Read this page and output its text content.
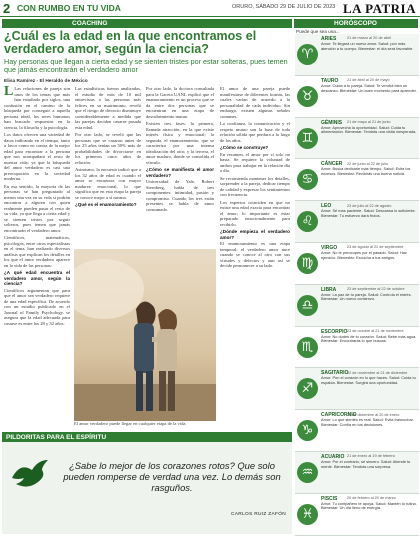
2 CON RUMBO EN TU VIDA	ORURO, SÁBADO 29 DE JULIO DE 2023 LA PATRIA
COACHING	HORÓSCOPO
¿Cuál es la edad en la que encontramos el verdadero amor, según la ciencia?

Hay personas que llegan a cierta edad y se sienten tristes por estar solteras, pues temen que jamás encontrarán el verdadero amor

Elisa Ramírez - El Heraldo de México

L Las relaciones de pareja son unos de los temas que más han estudiado por siglos, una confusión en el camino de la búsqueda por conseguir a aquella persona ideal, los seres humanos han buscado respuestas en la ciencia, la filosofía y la psicología.

Los datos ofrecen una variedad de datos indicando en el tiempo, tanto a favor como en contra de la mejor edad para encontrar a la persona que nos acompañará el resto de nuestra vida; ya que la búsqueda del amor verdadero es casi una preocupación en la sociedad moderna.

En esa sentido, la mayoría de las personas se han preguntado al menos una vez en su vida si podrán encontrar a alguien con quien realmente pueden pasar el resto de su vida, ya que llega a cierta edad y se sienten tristes por seguir solteros, pues temen que jamás encontrarán el verdadero amor.

Científicos, matemáticos, psicólogos, entre otros especialistas en el tema, han realizado diversos análisis que explican los detalles en los que el amor verdadero aparece en la vida de las personas.

¿A qué edad encuentra el verdadero amor, según la ciencia?

Científicos argumentan que para que el amor sea verdadero requiere de una edad específica. De acuerdo con un estudio publicado en el Journal of Family Psychology, se asegura que la edad adecuada para casarse es entre los 28 y 32 años.

Las estadísticas fueron analizadas, el estudio de más de 10 mil entrevistas a las personas más felices en su matrimonio, reveló que el riesgo de divorcio disminuye considerablemente a medida que las parejas deciden casarse pasada esta edad.

Por otro lado, se reveló que las personas que se casaron antes de los 25 años tenían un 50% más de probabilidades de divorciarse en los primeros cinco años de relación.

Asimismo, la encuesta indicó que a los 32 años de edad es cuando el amor se encuentra con mayor madurez emocional, lo que significa que en esta etapa la pareja se conoce mejor a sí misma.

¿Qué es el enamoramiento?

Por otro lado, la doctora consultada para la Gaceta UANL explicó que el enamoramiento es un proceso que se da entre dos personas que se encuentran en una etapa de descubrimiento mutuo.

Existen tres fases: la primera, llamada atracción, en la que existe interés físico y emocional; la segunda, el enamoramiento, que se caracteriza por una intensa idealización del otro; y la tercera, el amor maduro, donde se consolida el vínculo.

¿Cómo se manifiesta el amor verdadero?

Universidad de Yale, Robert Sternberg, habla de tres componentes: intimidad, pasión y compromiso. Cuando los tres están presentes se habla de amor consumado.

El amor de una pareja puede manifestarse de diferentes formas, las cuales varían de acuerdo a la personalidad de cada individuo. Sin embargo, existen algunas señales comunes.

La confianza, la comunicación y el respeto mutuo son la base de toda relación sólida que perdura a lo largo de los años.

¿Cómo se construye?

En resumen, el amor por sí solo no basta. Se requiere la voluntad de ambos para trabajar en la relación día a día.

Se recomienda mantener los detalles, sorprender a la pareja, dedicar tiempo de calidad y expresar los sentimientos con frecuencia.

Los expertos coinciden en que no existe una edad exacta para encontrar el amor; lo importante es estar preparado emocionalmente para recibirlo.

¿Dónde empieza el verdadero amor?

El enamoramiento es una etapa temporal; el verdadero amor nace cuando se conoce al otro con sus virtudes y defectos y aun así se decide permanecer a su lado.

El amor verdadero puede llegar en cualquier etapa de la vida.
PILDORITAS PARA EL ESPÍRITU

¿Sabe lo mejor de los corazones rotos? Que solo pueden romperse de verdad una vez. Lo demás son rasguños.

CARLOS RUIZ ZAFÓN
Puede que sea una...
♈
ARIES	21 de marzo al 20 de abril
Amor: Te llegará un nuevo amor. Salud: pon más atención a tu cuerpo. Bienestar: el día será favorable.
♉
TAURO 21 de abril al 20 de mayo
Amor: Cuida a tu pareja. Salud: Te vendrá bien un descanso. Bienestar: Un buen momento para aprender.
♊
GÉMINIS 21 de mayo al 21 de junio
Amor: Aprovecha la oportunidad. Salud: Cuida tu alimentación. Bienestar: Tendrás una visita inesperada.
♋
CÁNCER 22 de junio al 22 de julio
Amor: Busca dedicarle más tiempo. Salud: Evita los excesos. Bienestar: Recibirás una buena noticia.
♌
LEO	23 de julio al 22 de agosto
Amor: Sé más paciente. Salud: Descansa lo suficiente. Bienestar: Tu esfuerzo dará frutos.
♍
VIRGO	23 de agosto al 22 de septiembre
Amor: No te preocupes por el pasado. Salud: Haz ejercicio. Bienestar: Escucha a tus amigos.
♎
LIBRA	23 de septiembre al 22 de octubre
Amor: La paz de tu pareja. Salud: Controla el estrés. Bienestar: Un nuevo comienzo.
♏
ESCORPIO 23 de octubre al 21 de noviembre
Amor: No dudes de tu corazón. Salud: Bebe más agua. Bienestar: Encontrarás lo que buscas.
♐
SAGITARIO
22 de noviembre al 21 de diciembre
Amor: Pon el corazón en lo que haces. Salud: Cuida tu espalda. Bienestar: Surgirá una oportunidad.
♑
CAPRICORNIO
22 de diciembre al 20 de enero
Amor: Lo que sientes es real. Salud: Evita trasnochar. Bienestar: Confía en tus decisiones.
♒
ACUARIO 21 de enero al 19 de febrero
Amor: Por el contrario, sé sincero. Salud: Atiende tu mente. Bienestar: Tendrás una sorpresa.
♓
PISCIS	20 de febrero al 20 de marzo
Amor: Tu compañero te apoya. Salud: Mantén tu rutina. Bienestar: Un día lleno de energía.
